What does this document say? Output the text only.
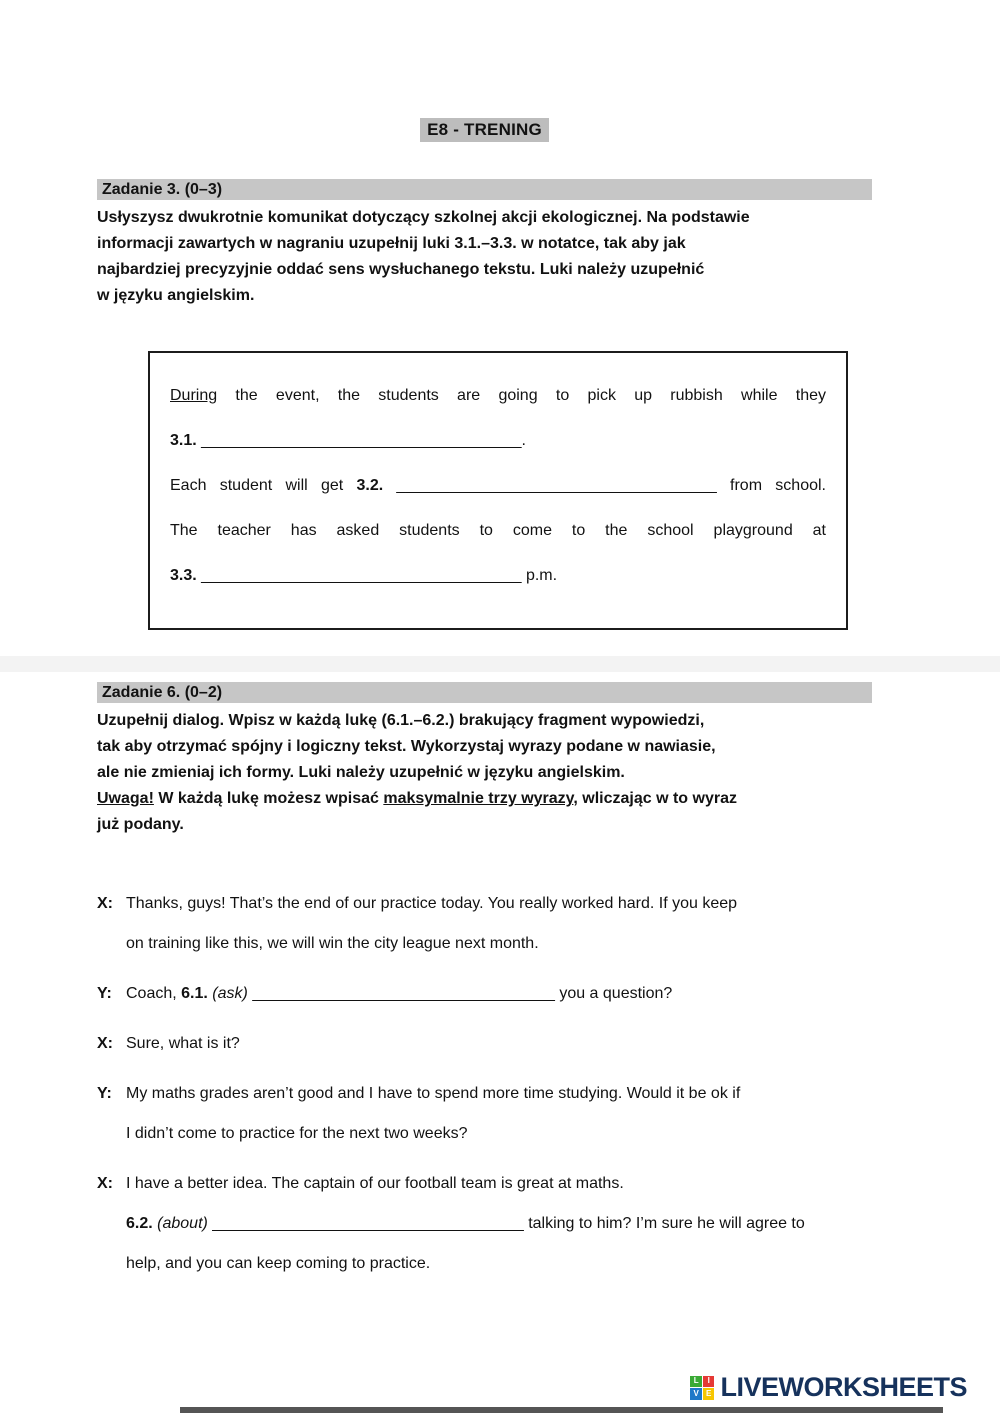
E8 - TRENING
Zadanie 3. (0–3)
Usłyszysz dwukrotnie komunikat dotyczący szkolnej akcji ekologicznej. Na podstawie
informacji zawartych w nagraniu uzupełnij luki 3.1.–3.3. w notatce, tak aby jak
najbardziej precyzyjnie oddać sens wysłuchanego tekstu. Luki należy uzupełnić
w języku angielskim.
During the event, the students are going to pick up rubbish while they
3.1. ____________________________________.
Each student will get 3.2. ____________________________________ from school.
The teacher has asked students to come to the school playground at
3.3. ____________________________________ p.m.
Zadanie 6. (0–2)
Uzupełnij dialog. Wpisz w każdą lukę (6.1.–6.2.) brakujący fragment wypowiedzi,
tak aby otrzymać spójny i logiczny tekst. Wykorzystaj wyrazy podane w nawiasie,
ale nie zmieniaj ich formy. Luki należy uzupełnić w języku angielskim.
Uwaga! W każdą lukę możesz wpisać maksymalnie trzy wyrazy, wliczając w to wyraz
już podany.
X: Thanks, guys! That’s the end of our practice today. You really worked hard. If you keep
on training like this, we will win the city league next month.
Y: Coach, 6.1. (ask) __________________________________ you a question?
X: Sure, what is it?
Y: My maths grades aren’t good and I have to spend more time studying. Would it be ok if
I didn’t come to practice for the next two weeks?
X: I have a better idea. The captain of our football team is great at maths.
6.2. (about) ___________________________________ talking to him? I’m sure he will agree to
help, and you can keep coming to practice.
L	I
V E LIVEWORKSHEETS
